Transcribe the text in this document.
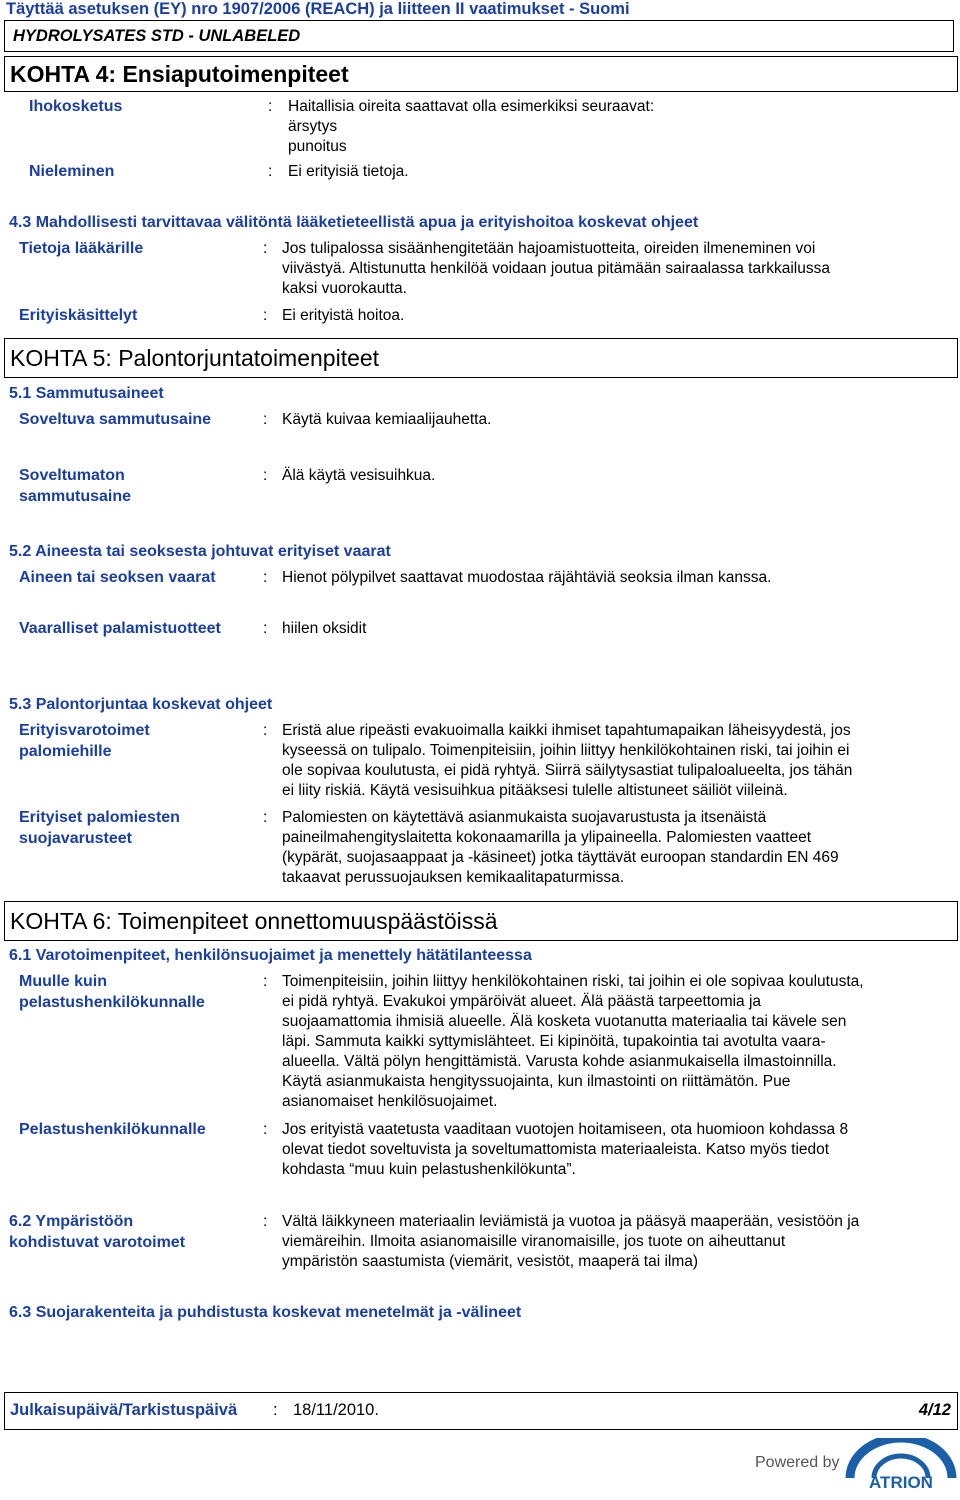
Täyttää asetuksen (EY) nro 1907/2006 (REACH) ja liitteen II vaatimukset - Suomi
HYDROLYSATES STD - UNLABELED
KOHTA 4: Ensiaputoimenpiteet
Ihokosketus	: Haitallisia oireita saattavat olla esimerkiksi seuraavat:
ärsytys
punoitus
Nieleminen	: Ei erityisiä tietoja.
4.3 Mahdollisesti tarvittavaa välitöntä lääketieteellistä apua ja erityishoitoa koskevat ohjeet
Tietoja lääkärille	: Jos tulipalossa sisäänhengitetään hajoamistuotteita, oireiden ilmeneminen voi
viivästyä. Altistunutta henkilöä voidaan joutua pitämään sairaalassa tarkkailussa
kaksi vuorokautta.
Erityiskäsittelyt	: Ei erityistä hoitoa.
KOHTA 5: Palontorjuntatoimenpiteet
5.1 Sammutusaineet
Soveltuva sammutusaine	: Käytä kuivaa kemiaalijauhetta.
Soveltumaton
sammutusaine
: Älä käytä vesisuihkua.
5.2 Aineesta tai seoksesta johtuvat erityiset vaarat
Aineen tai seoksen vaarat	: Hienot pölypilvet saattavat muodostaa räjähtäviä seoksia ilman kanssa.
Vaaralliset palamistuotteet	: hiilen oksidit
5.3 Palontorjuntaa koskevat ohjeet
Erityisvarotoimet
palomiehille
: Eristä alue ripeästi evakuoimalla kaikki ihmiset tapahtumapaikan läheisyydestä, jos
kyseessä on tulipalo. Toimenpiteisiin, joihin liittyy henkilökohtainen riski, tai joihin ei
ole sopivaa koulutusta, ei pidä ryhtyä. Siirrä säilytysastiat tulipaloalueelta, jos tähän
ei liity riskiä. Käytä vesisuihkua pitääksesi tulelle altistuneet säiliöt viileinä.
Erityiset palomiesten
suojavarusteet
: Palomiesten on käytettävä asianmukaista suojavarustusta ja itsenäistä
paineilmahengityslaitetta kokonaamarilla ja ylipaineella. Palomiesten vaatteet
(kypärät, suojasaappaat ja -käsineet) jotka täyttävät euroopan standardin EN 469
takaavat perussuojauksen kemikaalitapaturmissa.
KOHTA 6: Toimenpiteet onnettomuuspäästöissä
6.1 Varotoimenpiteet, henkilönsuojaimet ja menettely hätätilanteessa
Muulle kuin
pelastushenkilökunnalle
: Toimenpiteisiin, joihin liittyy henkilökohtainen riski, tai joihin ei ole sopivaa koulutusta,
ei pidä ryhtyä. Evakukoi ympäröivät alueet. Älä päästä tarpeettomia ja
suojaamattomia ihmisiä alueelle. Älä kosketa vuotanutta materiaalia tai kävele sen
läpi. Sammuta kaikki syttymislähteet. Ei kipinöitä, tupakointia tai avotulta vaara-
alueella. Vältä pölyn hengittämistä. Varusta kohde asianmukaisella ilmastoinnilla.
Käytä asianmukaista hengityssuojainta, kun ilmastointi on riittämätön. Pue
asianomaiset henkilösuojaimet.
Pelastushenkilökunnalle	: Jos erityistä vaatetusta vaaditaan vuotojen hoitamiseen, ota huomioon kohdassa 8
olevat tiedot soveltuvista ja soveltumattomista materiaaleista. Katso myös tiedot
kohdasta “muu kuin pelastushenkilökunta”.
6.2 Ympäristöön
kohdistuvat varotoimet
: Vältä läikkyneen materiaalin leviämistä ja vuotoa ja pääsyä maaperään, vesistöön ja
viemäreihin. Ilmoita asianomaisille viranomaisille, jos tuote on aiheuttanut
ympäristön saastumista (viemärit, vesistöt, maaperä tai ilma)
6.3 Suojarakenteita ja puhdistusta koskevat menetelmät ja -välineet
Julkaisupäivä/Tarkistuspäivä : 18/11/2010.	4/12
Powered by
ATRION
